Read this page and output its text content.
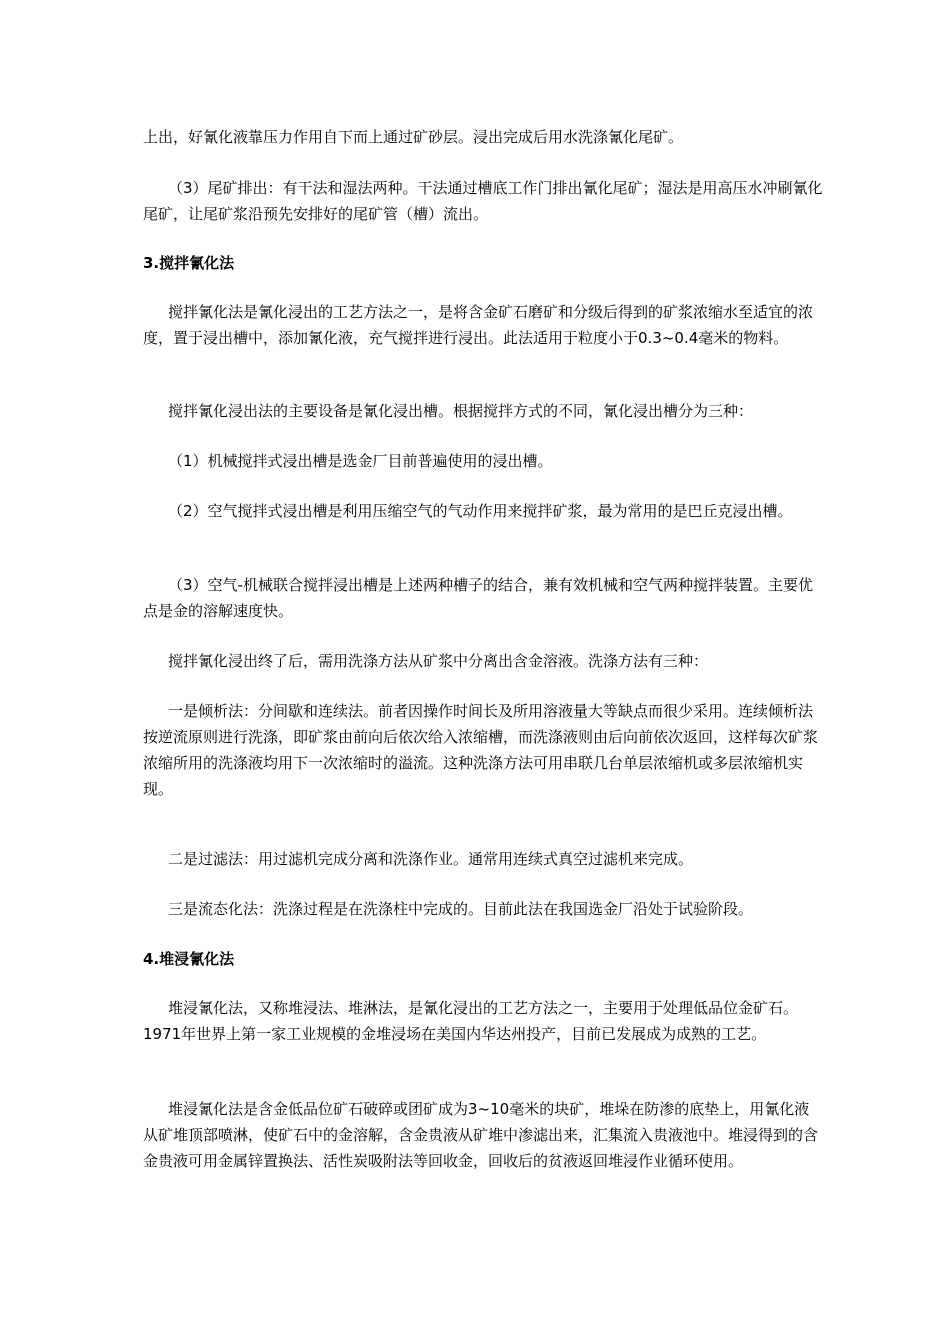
上出，好氰化液靠压力作用自下而上通过矿砂层。浸出完成后用水洗涤氰化尾矿。

（3）尾矿排出：有干法和湿法两种。干法通过槽底工作门排出氰化尾矿；湿法是用高压水冲刷氰化尾矿，让尾矿浆沿预先安排好的尾矿管（槽）流出。

3.搅拌氰化法

搅拌氰化法是氰化浸出的工艺方法之一，是将含金矿石磨矿和分级后得到的矿浆浓缩水至适宜的浓度，置于浸出槽中，添加氰化液，充气搅拌进行浸出。此法适用于粒度小于0.3~0.4毫米的物料。

搅拌氰化浸出法的主要设备是氰化浸出槽。根据搅拌方式的不同，氰化浸出槽分为三种：

（1）机械搅拌式浸出槽是选金厂目前普遍使用的浸出槽。

（2）空气搅拌式浸出槽是利用压缩空气的气动作用来搅拌矿浆，最为常用的是巴丘克浸出槽。

（3）空气-机械联合搅拌浸出槽是上述两种槽子的结合，兼有效机械和空气两种搅拌装置。主要优点是金的溶解速度快。

搅拌氰化浸出终了后，需用洗涤方法从矿浆中分离出含金溶液。洗涤方法有三种：

一是倾析法：分间歇和连续法。前者因操作时间长及所用溶液量大等缺点而很少采用。连续倾析法按逆流原则进行洗涤，即矿浆由前向后依次给入浓缩槽，而洗涤液则由后向前依次返回，这样每次矿浆浓缩所用的洗涤液均用下一次浓缩时的溢流。这种洗涤方法可用串联几台单层浓缩机或多层浓缩机实现。

二是过滤法：用过滤机完成分离和洗涤作业。通常用连续式真空过滤机来完成。

三是流态化法：洗涤过程是在洗涤柱中完成的。目前此法在我国选金厂沿处于试验阶段。

4.堆浸氰化法

堆浸氰化法，又称堆浸法、堆淋法，是氰化浸出的工艺方法之一，主要用于处理低品位金矿石。1971年世界上第一家工业规模的金堆浸场在美国内华达州投产，目前已发展成为成熟的工艺。

堆浸氰化法是含金低品位矿石破碎或团矿成为3~10毫米的块矿，堆垛在防渗的底垫上，用氰化液从矿堆顶部喷淋，使矿石中的金溶解，含金贵液从矿堆中渗滤出来，汇集流入贵液池中。堆浸得到的含金贵液可用金属锌置换法、活性炭吸附法等回收金，回收后的贫液返回堆浸作业循环使用。
